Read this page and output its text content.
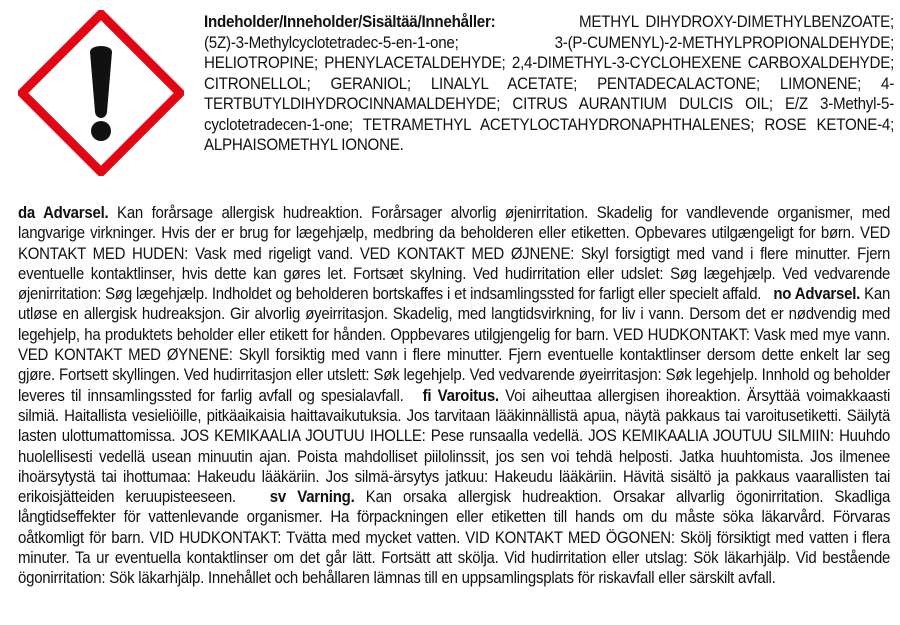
Indeholder/Inneholder/Sisältää/Innehåller:	METHYL DIHYDROXY-DIMETHYLBENZOATE; (5Z)-3-Methylcyclotetradec-5-en-1-one; 3-(P-CUMENYL)-2-METHYLPROPIONALDEHYDE; HELIOTROPINE; PHENYLACETALDEHYDE; 2,4-DIMETHYL-3-CYCLOHEXENE CARBOXALDEHYDE; CITRONELLOL; GERANIOL; LINALYL ACETATE; PENTADECALACTONE; LIMONENE; 4-TERTBUTYLDIHYDROCINNAMALDEHYDE; CITRUS AURANTIUM DULCIS OIL; E/Z 3-Methyl-5-cyclotetradecen-1-one; TETRAMETHYL ACETYLOCTAHYDRONAPHTHALENES; ROSE KETONE-4; ALPHAISOMETHYL IONONE.
da Advarsel. Kan forårsage allergisk hudreaktion. Forårsager alvorlig øjenirritation. Skadelig for vandlevende organismer, med langvarige virkninger. Hvis der er brug for lægehjælp, medbring da beholderen eller etiketten. Opbevares utilgængeligt for børn. VED KONTAKT MED HUDEN: Vask med rigeligt vand. VED KONTAKT MED ØJNENE: Skyl forsigtigt med vand i flere minutter. Fjern eventuelle kontaktlinser, hvis dette kan gøres let. Fortsæt skylning. Ved hudirritation eller udslet: Søg lægehjælp. Ved vedvarende øjenirritation: Søg lægehjælp. Indholdet og beholderen bortskaffes i et indsamlingssted for farligt eller specielt affald. no Advarsel. Kan utløse en allergisk hudreaksjon. Gir alvorlig øyeirritasjon. Skadelig, med langtidsvirkning, for liv i vann. Dersom det er nødvendig med legehjelp, ha produktets beholder eller etikett for hånden. Oppbevares utilgjengelig for barn. VED HUDKONTAKT: Vask med mye vann. VED KONTAKT MED ØYNENE: Skyll forsiktig med vann i flere minutter. Fjern eventuelle kontaktlinser dersom dette enkelt lar seg gjøre. Fortsett skyllingen. Ved hudirritasjon eller utslett: Søk legehjelp. Ved vedvarende øyeirritasjon: Søk legehjelp. Innhold og beholder leveres til innsamlingssted for farlig avfall og spesialavfall. fi Varoitus. Voi aiheuttaa allergisen ihoreaktion. Ärsyttää voimakkaasti silmiä. Haitallista vesieliöille, pitkäaikaisia haittavaikutuksia. Jos tarvitaan lääkinnällistä apua, näytä pakkaus tai varoitusetiketti. Säilytä lasten ulottumattomissa. JOS KEMIKAALIA JOUTUU IHOLLE: Pese runsaalla vedellä. JOS KEMIKAALIA JOUTUU SILMIIN: Huuhdo huolellisesti vedellä usean minuutin ajan. Poista mahdolliset piilolinssit, jos sen voi tehdä helposti. Jatka huuhtomista. Jos ilmenee ihoärsytystä tai ihottumaa: Hakeudu lääkäriin. Jos silmä-ärsytys jatkuu: Hakeudu lääkäriin. Hävitä sisältö ja pakkaus vaarallisten tai erikoisjätteiden keruupisteeseen. sv Varning. Kan orsaka allergisk hudreaktion. Orsakar allvarlig ögonirritation. Skadliga långtidseffekter för vattenlevande organismer. Ha förpackningen eller etiketten till hands om du måste söka läkarvård. Förvaras oåtkomligt för barn. VID HUDKONTAKT: Tvätta med mycket vatten. VID KONTAKT MED ÖGONEN: Skölj försiktigt med vatten i flera minuter. Ta ur eventuella kontaktlinser om det går lätt. Fortsätt att skölja. Vid hudirritation eller utslag: Sök läkarhjälp. Vid bestående ögonirritation: Sök läkarhjälp. Innehållet och behållaren lämnas till en uppsamlingsplats för riskavfall eller särskilt avfall.
